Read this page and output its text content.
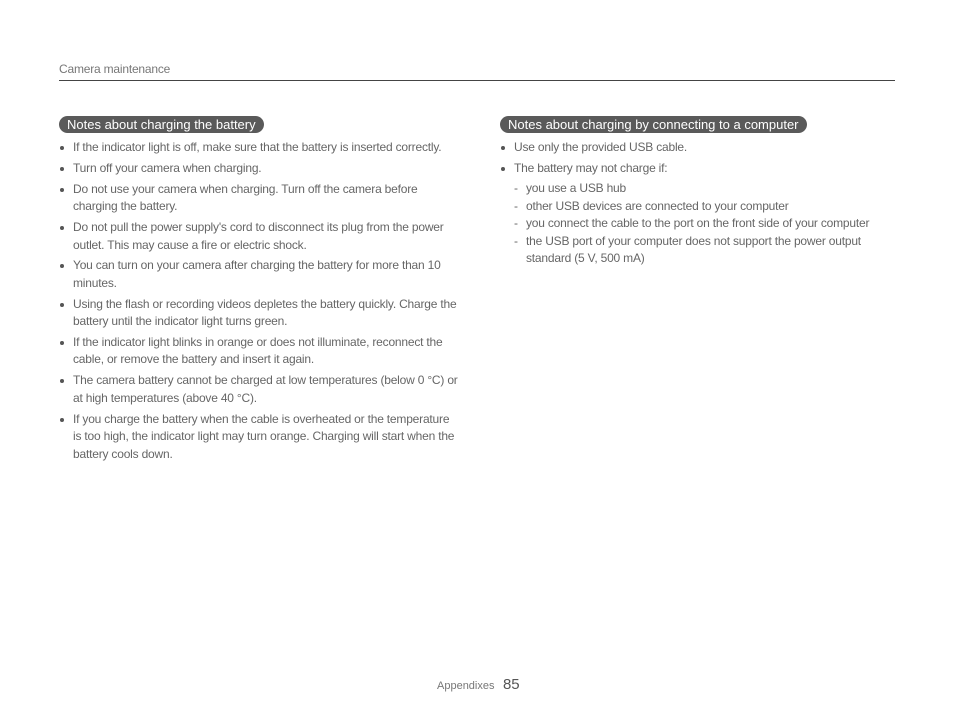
Camera maintenance
Notes about charging the battery
If the indicator light is off, make sure that the battery is inserted correctly.
Turn off your camera when charging.
Do not use your camera when charging. Turn off the camera before charging the battery.
Do not pull the power supply's cord to disconnect its plug from the power outlet. This may cause a fire or electric shock.
You can turn on your camera after charging the battery for more than 10 minutes.
Using the flash or recording videos depletes the battery quickly. Charge the battery until the indicator light turns green.
If the indicator light blinks in orange or does not illuminate, reconnect the cable, or remove the battery and insert it again.
The camera battery cannot be charged at low temperatures (below 0 °C) or at high temperatures (above 40 °C).
If you charge the battery when the cable is overheated or the temperature is too high, the indicator light may turn orange. Charging will start when the battery cools down.
Notes about charging by connecting to a computer
Use only the provided USB cable.
The battery may not charge if:
- you use a USB hub
- other USB devices are connected to your computer
- you connect the cable to the port on the front side of your computer
- the USB port of your computer does not support the power output standard (5 V, 500 mA)
Appendixes 85
